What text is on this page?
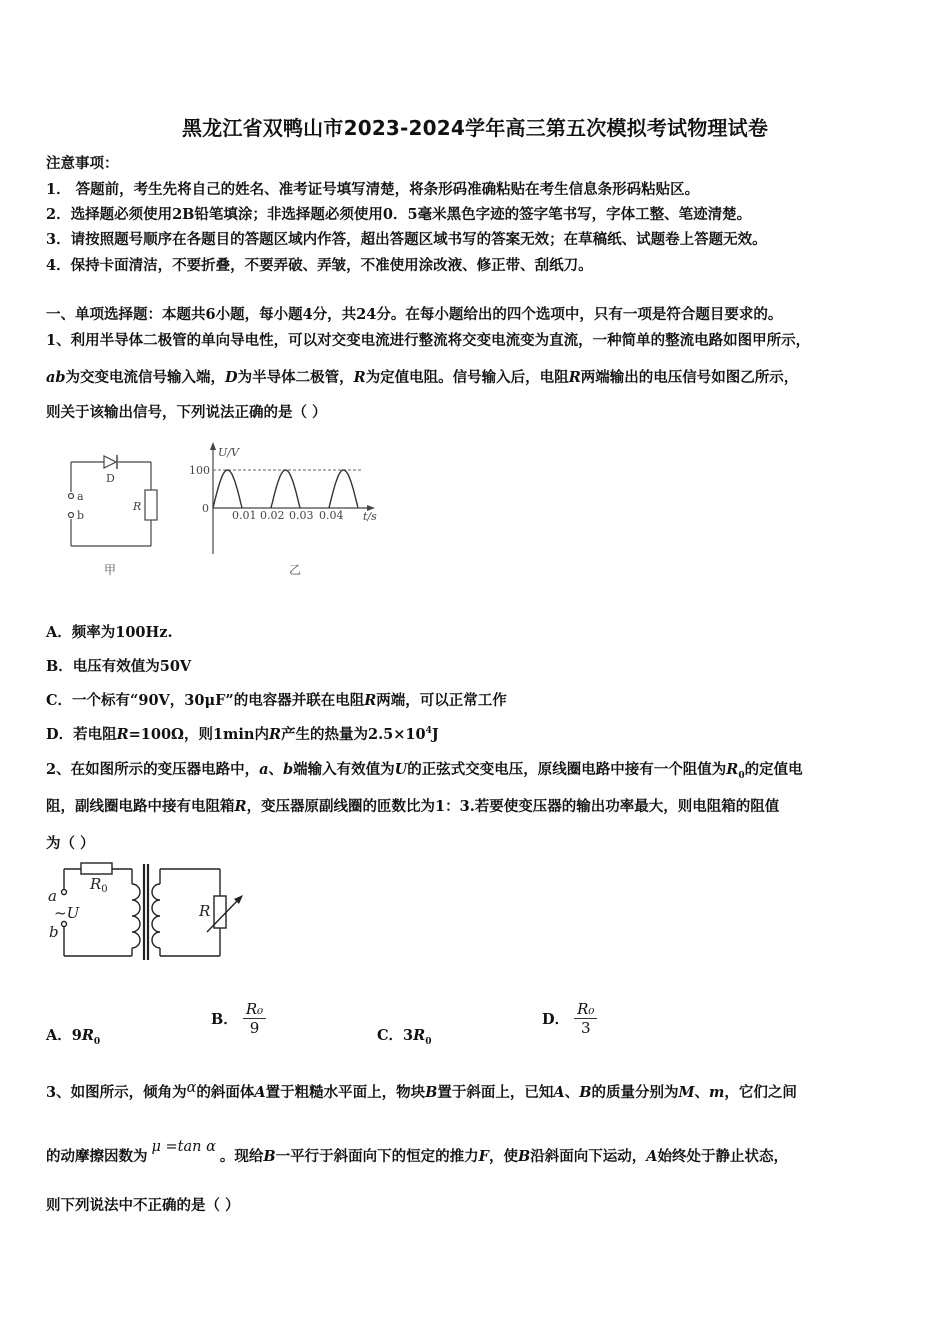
黑龙江省双鸭山市2023-2024学年高三第五次模拟考试物理试卷
注意事项：
1． 答题前，考生先将自己的姓名、准考证号填写清楚，将条形码准确粘贴在考生信息条形码粘贴区。
2．选择题必须使用2B铅笔填涂；非选择题必须使用0．5毫米黑色字迹的签字笔书写，字体工整、笔迹清楚。
3．请按照题号顺序在各题目的答题区域内作答，超出答题区域书写的答案无效；在草稿纸、试题卷上答题无效。
4．保持卡面清洁，不要折叠，不要弄破、弄皱，不准使用涂改液、修正带、刮纸刀。
一、单项选择题：本题共6小题，每小题4分，共24分。在每小题给出的四个选项中，只有一项是符合题目要求的。
1、利用半导体二极管的单向导电性，可以对交变电流进行整流将交变电流变为直流，一种简单的整流电路如图甲所示，
ab为交变电流信号输入端，D为半导体二极管，R为定值电阻。信号输入后，电阻R两端输出的电压信号如图乙所示，
则关于该输出信号，下列说法正确的是（ ）
D
a
b
R
甲
U/V
100
0
0.01 0.02 0.03 0.04 t/s
乙
A．频率为100Hz.
B．电压有效值为50V
C．一个标有“90V，30μF”的电容器并联在电阻R两端，可以正常工作
D．若电阻R=100Ω，则1min内R产生的热量为$2.5\times 10^4J$
2、在如图所示的变压器电路中，a、b端输入有效值为U的正弦式交变电压，原线圈电路中接有一个阻值为$R_0$的定值电
阻，副线圈电路中接有电阻箱R，变压器原副线圈的匝数比为1：3.若要使变压器的输出功率最大，则电阻箱的阻值
为（ ）
$R_0$
a
~U
b
R
A．$9R_0$
B． $\frac{\text{R₀}}{9}$	C．$3R_0$
D． $\frac{\text{R₀}}{3}$
3、如图所示，倾角为α的斜面体A置于粗糙水平面上，物块B置于斜面上，已知A、B的质量分别为M、m，它们之间
的动摩擦因数为μ =tan α。现给B一平行于斜面向下的恒定的推力F，使B沿斜面向下运动，A始终处于静止状态，
则下列说法中不正确的是（ ）
